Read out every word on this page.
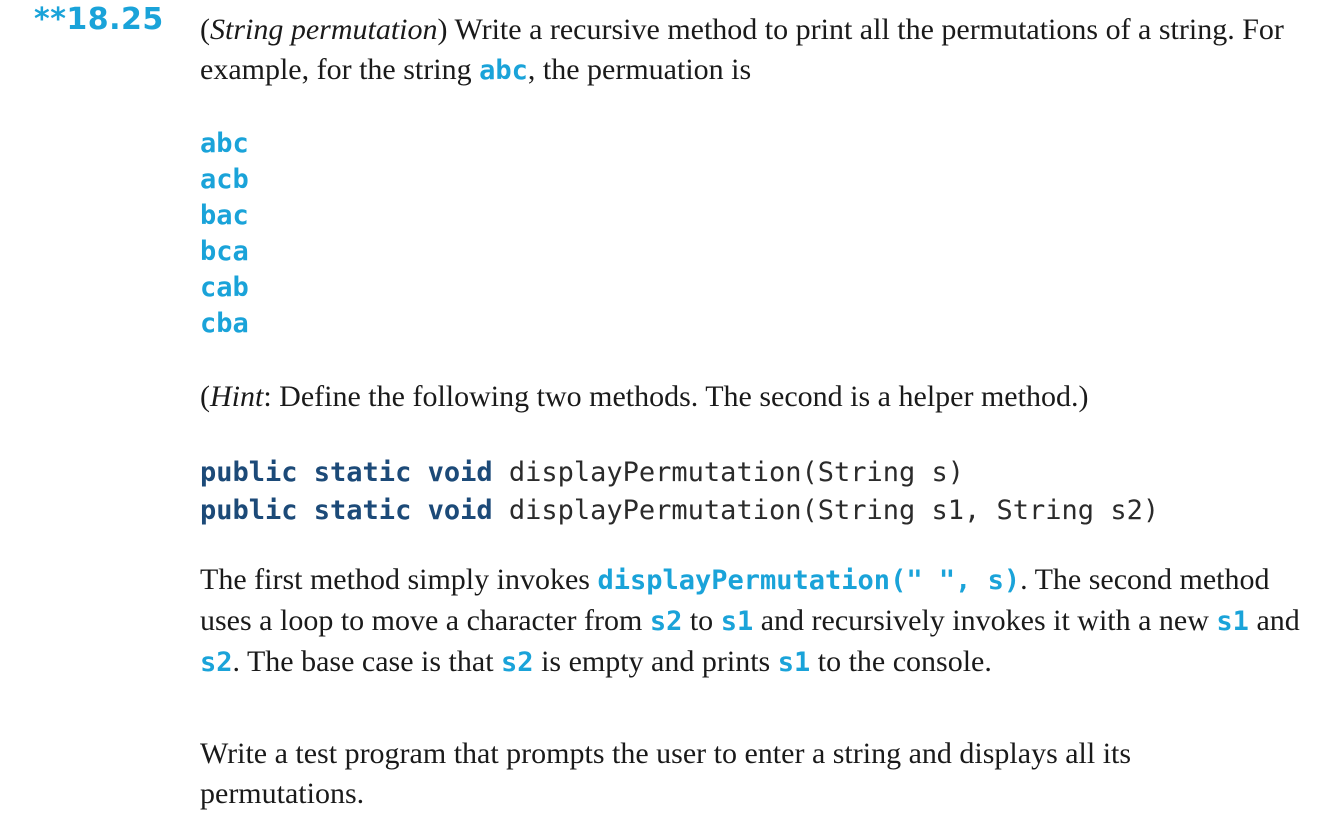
**18.25 (String permutation) Write a recursive method to print all the permutations of a string. For example, for the string abc, the permuation is
abc
acb
bac
bca
cab
cba
(Hint: Define the following two methods. The second is a helper method.)
public static void displayPermutation(String s)
public static void displayPermutation(String s1, String s2)
The first method simply invokes displayPermutation(" ", s). The second method uses a loop to move a character from s2 to s1 and recursively invokes it with a new s1 and s2. The base case is that s2 is empty and prints s1 to the console.
Write a test program that prompts the user to enter a string and displays all its permutations.
